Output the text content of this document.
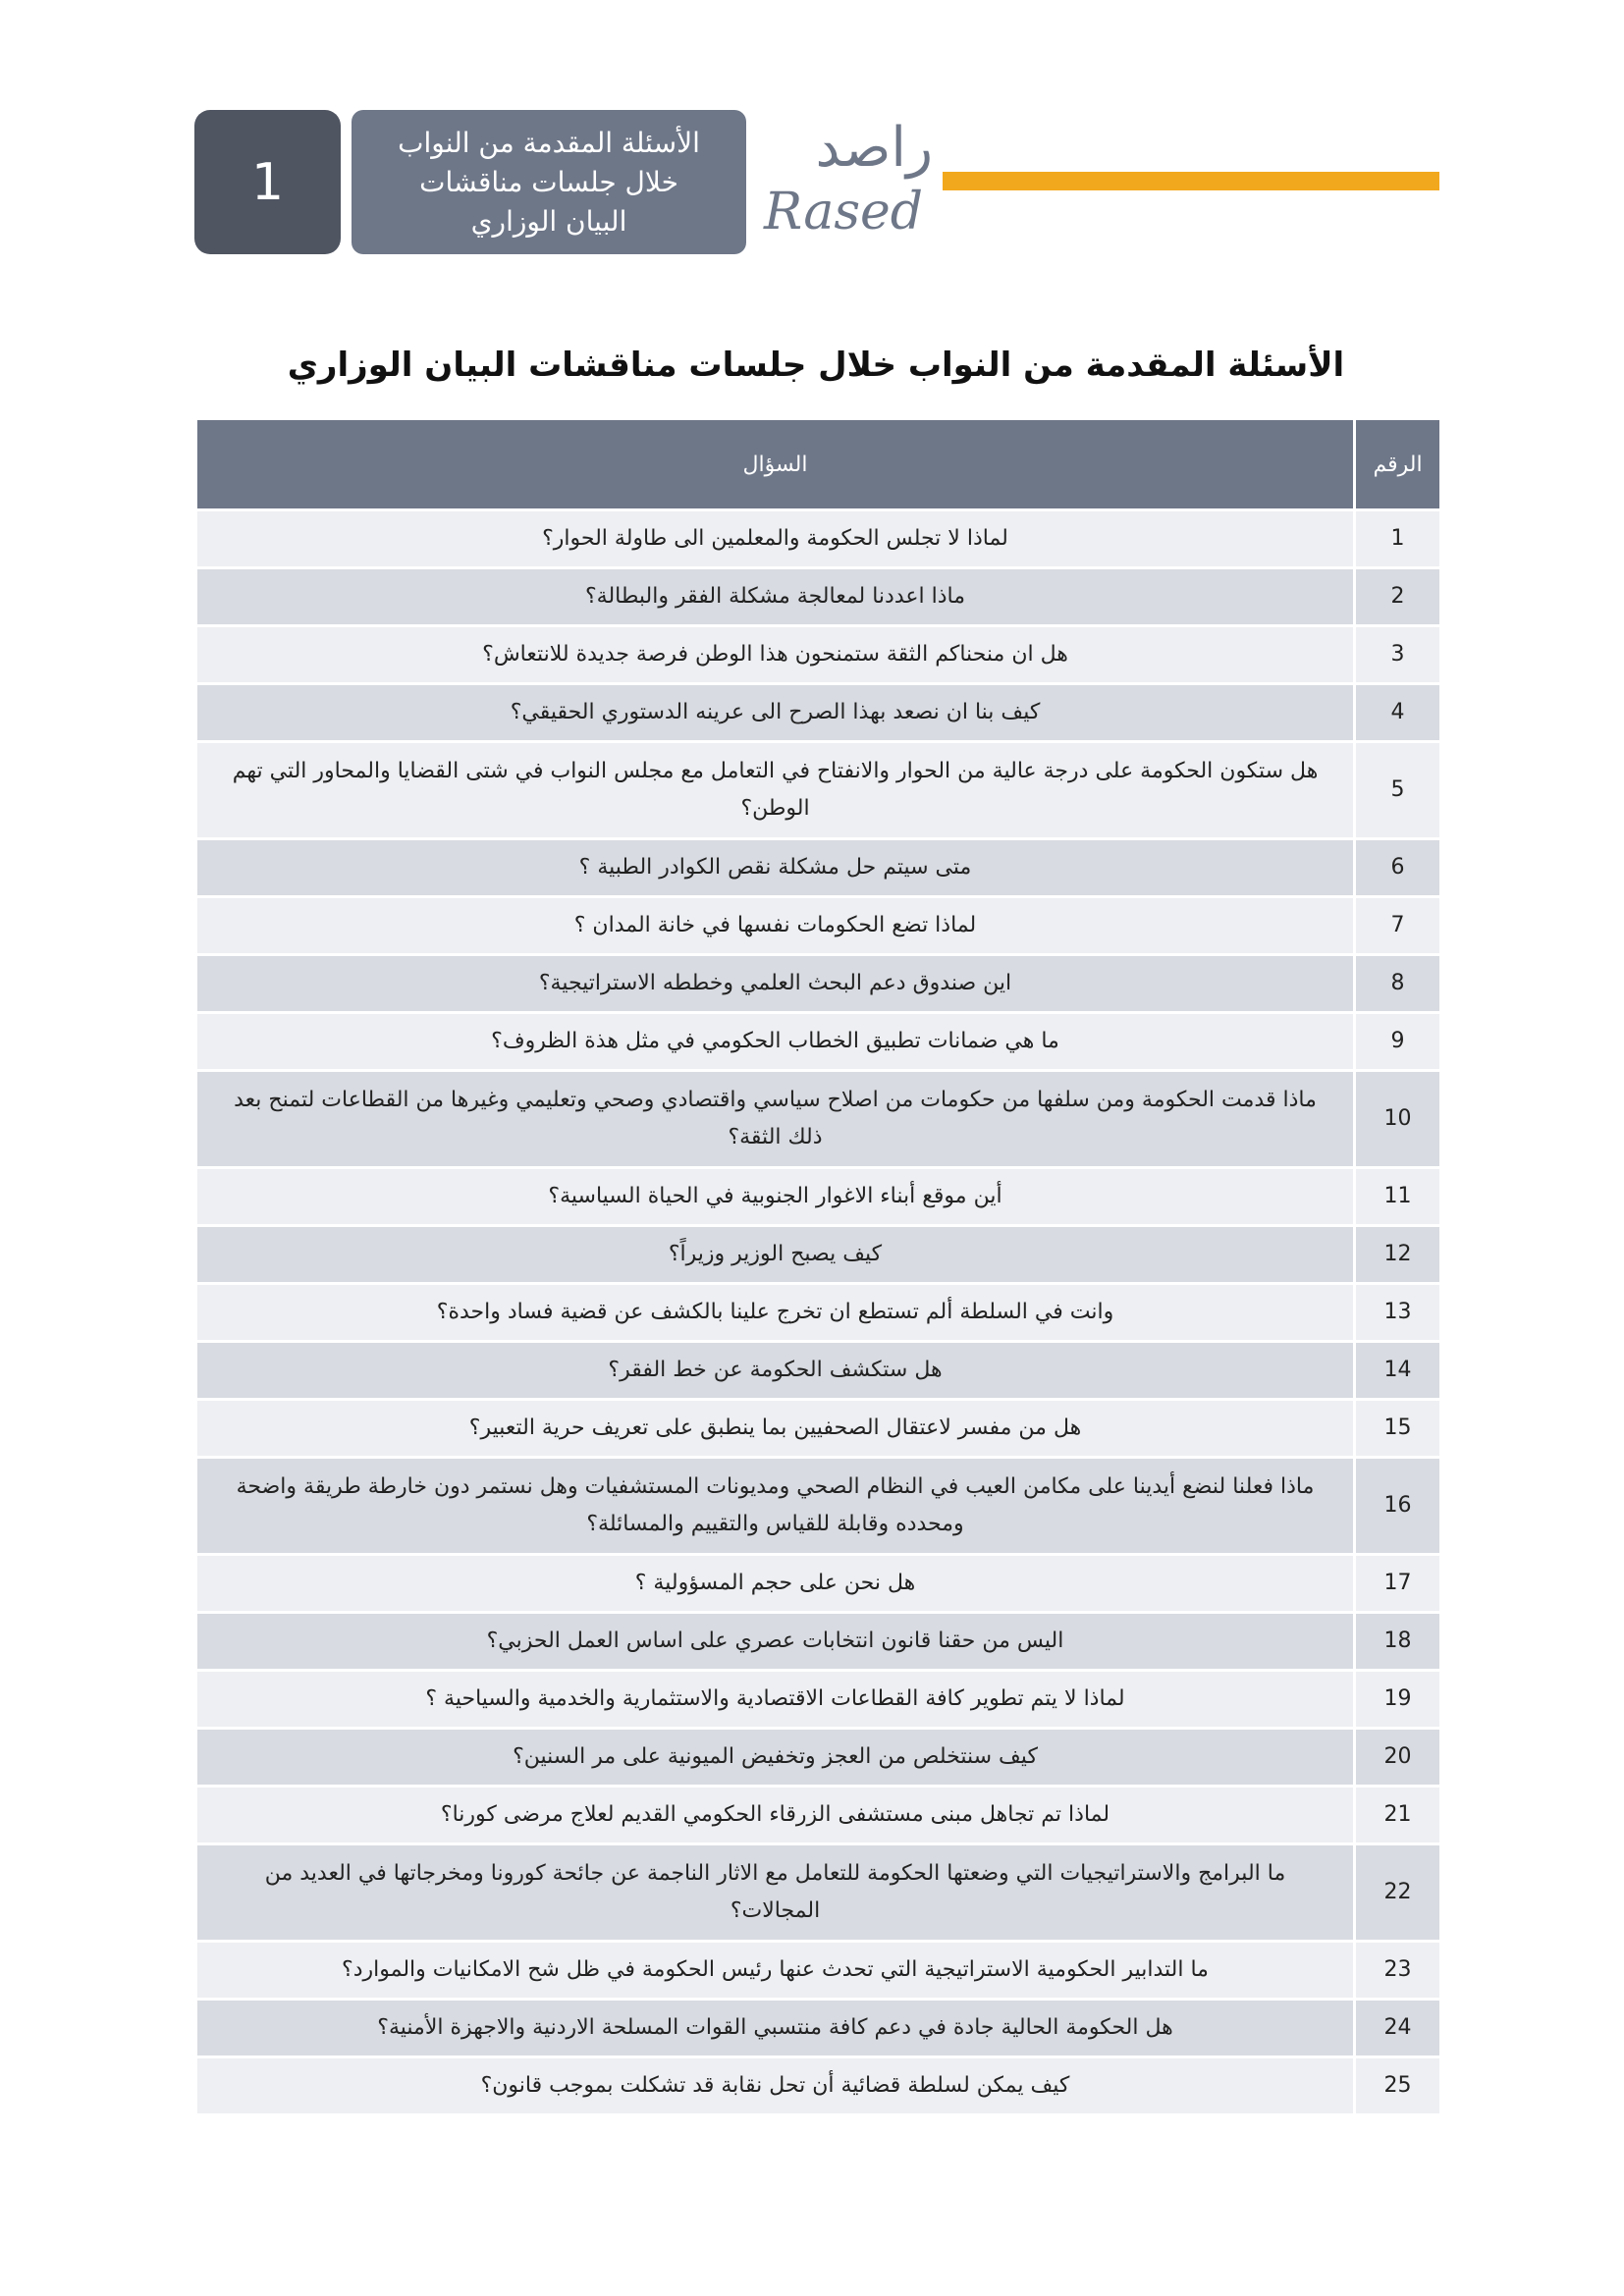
1
الأسئلة المقدمة من النواب
خلال جلسات مناقشات
البيان الوزاري
راصد
Rased
الأسئلة المقدمة من النواب خلال جلسات مناقشات البيان الوزاري
الرقم	السؤال
1	لماذا لا تجلس الحكومة والمعلمين الى طاولة الحوار؟
2	ماذا اعددنا لمعالجة مشكلة الفقر والبطالة؟
3	هل ان منحناكم الثقة ستمنحون هذا الوطن فرصة جديدة للانتعاش؟
4	كيف بنا ان نصعد بهذا الصرح الى عرينه الدستوري الحقيقي؟
5	هل ستكون الحكومة على درجة عالية من الحوار والانفتاح في التعامل مع مجلس النواب في شتى القضايا والمحاور التي تهم الوطن؟
6	متى سيتم حل مشكلة نقص الكوادر الطبية ؟
7	لماذا تضع الحكومات نفسها في خانة المدان ؟
8	اين صندوق دعم البحث العلمي وخططه الاستراتيجية؟
9	ما هي ضمانات تطبيق الخطاب الحكومي في مثل هذة الظروف؟
10	ماذا قدمت الحكومة ومن سلفها من حكومات من اصلاح سياسي واقتصادي وصحي وتعليمي وغيرها من القطاعات لتمنح بعد ذلك الثقة؟
11	أين موقع أبناء الاغوار الجنوبية في الحياة السياسية؟
12	كيف يصبح الوزير وزيراً؟
13	وانت في السلطة ألم تستطع ان تخرج علينا بالكشف عن قضية فساد واحدة؟
14	هل ستكشف الحكومة عن خط الفقر؟
15	هل من مفسر لاعتقال الصحفيين بما ينطبق على تعريف حرية التعبير؟
16	ماذا فعلنا لنضع أيدينا على مكامن العيب في النظام الصحي ومديونات المستشفيات وهل نستمر دون خارطة طريقة واضحة ومحدده وقابلة للقياس والتقييم والمسائلة؟
17	هل نحن على حجم المسؤولية ؟
18	اليس من حقنا قانون انتخابات عصري على اساس العمل الحزبي؟
19	لماذا لا يتم تطوير كافة القطاعات الاقتصادية والاستثمارية والخدمية والسياحية ؟
20	كيف سنتخلص من العجز وتخفيض الميونية على مر السنين؟
21	لماذا تم تجاهل مبنى مستشفى الزرقاء الحكومي القديم لعلاج مرضى كورنا؟
22	ما البرامج والاستراتيجيات التي وضعتها الحكومة للتعامل مع الاثار الناجمة عن جائحة كورونا ومخرجاتها في العديد من المجالات؟
23	ما التدابير الحكومية الاستراتيجية التي تحدث عنها رئيس الحكومة في ظل شح الامكانيات والموارد؟
24	هل الحكومة الحالية جادة في دعم كافة منتسبي القوات المسلحة الاردنية والاجهزة الأمنية؟
25	كيف يمكن لسلطة قضائية أن تحل نقابة قد تشكلت بموجب قانون؟
